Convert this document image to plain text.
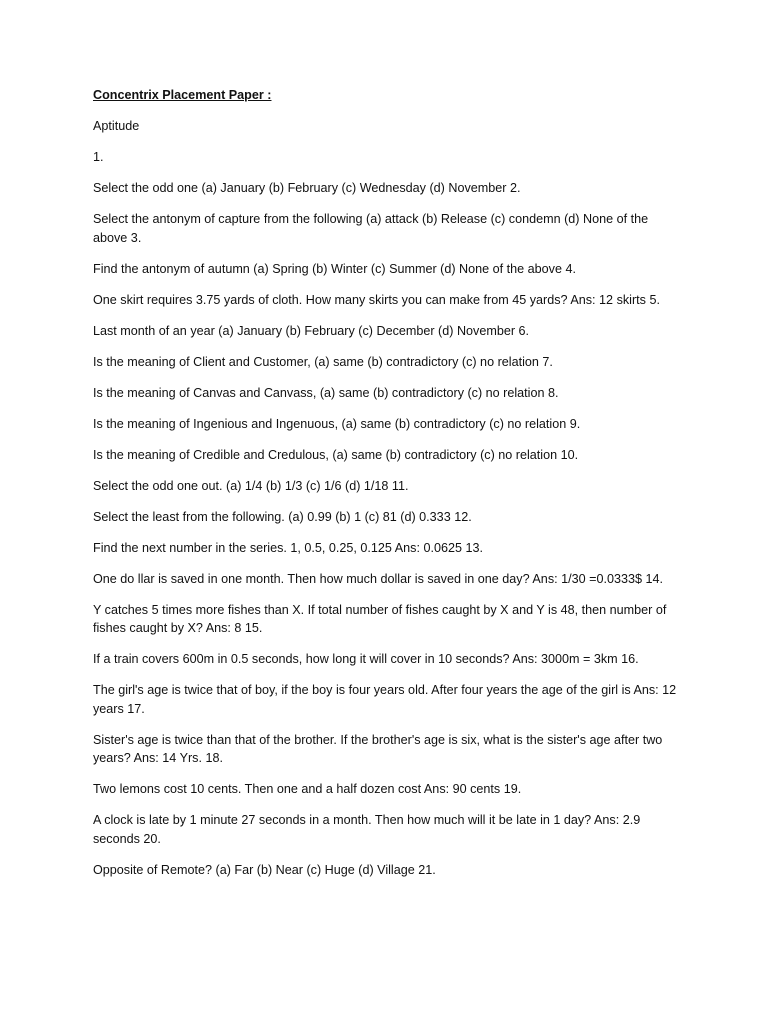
Concentrix Placement Paper :
Aptitude
1.
Select the odd one (a) January (b) February (c) Wednesday (d) November 2.
Select the antonym of capture from the following (a) attack (b) Release (c) condemn (d) None of the above 3.
Find the antonym of autumn (a) Spring (b) Winter (c) Summer (d) None of the above 4.
One skirt requires 3.75 yards of cloth. How many skirts you can make from 45 yards? Ans: 12 skirts 5.
Last month of an year (a) January (b) February (c) December (d) November 6.
Is the meaning of Client and Customer, (a) same (b) contradictory (c) no relation 7.
Is the meaning of Canvas and Canvass, (a) same (b) contradictory (c) no relation 8.
Is the meaning of Ingenious and Ingenuous, (a) same (b) contradictory (c) no relation 9.
Is the meaning of Credible and Credulous, (a) same (b) contradictory (c) no relation 10.
Select the odd one out. (a) 1/4 (b) 1/3 (c) 1/6 (d) 1/18 11.
Select the least from the following. (a) 0.99 (b) 1 (c) 81 (d) 0.333 12.
Find the next number in the series. 1, 0.5, 0.25, 0.125 Ans: 0.0625 13.
One do llar is saved in one month. Then how much dollar is saved in one day? Ans: 1/30 =0.0333$ 14.
Y catches 5 times more fishes than X. If total number of fishes caught by X and Y is 48, then number of fishes caught by X? Ans: 8 15.
If a train covers 600m in 0.5 seconds, how long it will cover in 10 seconds? Ans: 3000m = 3km 16.
The girl's age is twice that of boy, if the boy is four years old. After four years the age of the girl is Ans: 12 years 17.
Sister's age is twice than that of the brother. If the brother's age is six, what is the sister's age after two years? Ans: 14 Yrs. 18.
Two lemons cost 10 cents. Then one and a half dozen cost Ans: 90 cents 19.
A clock is late by 1 minute 27 seconds in a month. Then how much will it be late in 1 day? Ans: 2.9 seconds 20.
Opposite of Remote? (a) Far (b) Near (c) Huge (d) Village 21.
